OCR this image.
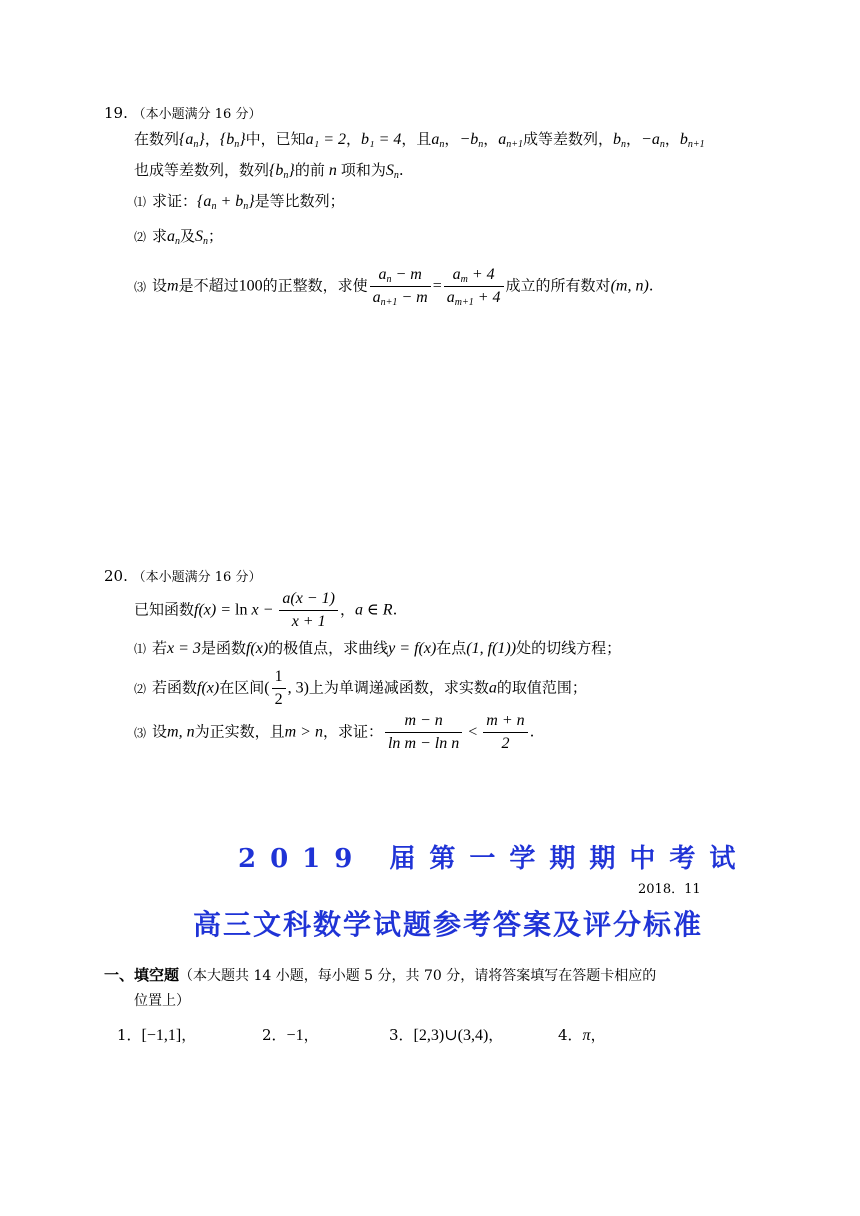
19. （本小题满分 16 分）
在数列{an}，{bn}中，已知a₁ = 2，b₁ = 4，且an，−bn，an+1成等差数列，bn，−an，bn+1
也成等差数列，数列{bn}的前 n 项和为Sn.
⑴ 求证：{an + bn}是等比数列；
⑵ 求an及Sn；
⑶ 设m是不超过100的正整数，求使 $\frac{an - m}{an+1 - m} = \frac{am + 4}{am+1 + 4}$ 成立的所有数对(m, n).
20. （本小题满分 16 分）
已知函数$f(x) = \ln x - \frac{a(x - 1)}{x + 1}$ ，a ∈ R.
⑴ 若x = 3是函数f(x)的极值点，求曲线y = f(x)在点(1, f(1))处的切线方程；
⑵ 若函数f(x)在区间( $\frac{1}{2}$ , 3)上为单调递减函数，求实数a的取值范围；
⑶ 设m, n为正实数，且m > n，求证： $\frac{m - n}{\text{ln m − ln n}} < \frac{m + n}{2}$ .
2019 届第一学期期中考试
2018．11
高三文科数学试题参考答案及评分标准
一、填空题（本大题共 14 小题，每小题 5 分，共 70 分，请将答案填写在答题卡相应的
位置上）
1．[−1,1]，	2．−1，	3．[2,3)∪(3,4)，	4．π，
